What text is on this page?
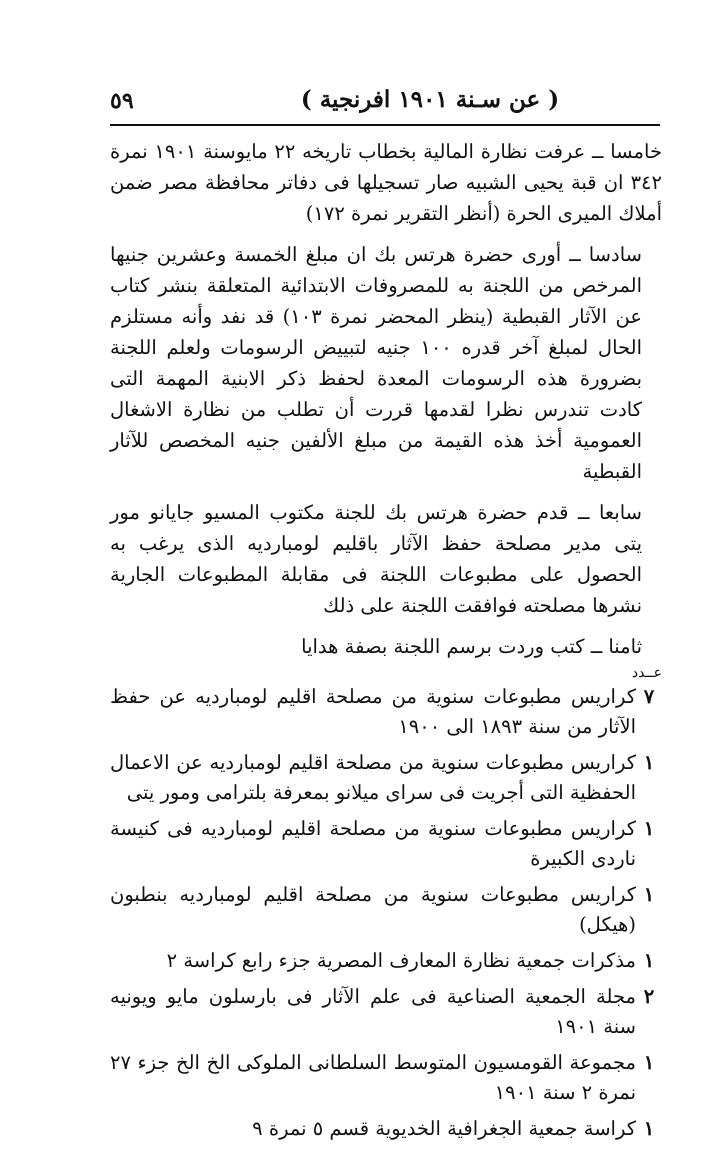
٥٩	( عن سـنة ١٩٠١ افرنجية )

خامسا ــ عرفت نظارة المالية بخطاب تاريخه ٢٢ مايوسنة ١٩٠١ نمرة ٣٤٢ ان قبة يحيى الشبيه صار تسجيلها فى دفاتر محافظة مصر ضمن أملاك الميرى الحرة (أنظر التقرير نمرة ١٧٢)

سادسا ــ أورى حضرة هرتس بك ان مبلغ الخمسة وعشرين جنيها المرخص من اللجنة به للمصروفات الابتدائية المتعلقة بنشر كتاب عن الآثار القبطية (ينظر المحضر نمرة ١٠٣) قد نفد وأنه مستلزم الحال لمبلغ آخر قدره ١٠٠ جنيه لتبييض الرسومات ولعلم اللجنة بضرورة هذه الرسومات المعدة لحفظ ذكر الابنية المهمة التى كادت تندرس نظرا لقدمها قررت أن تطلب من نظارة الاشغال العمومية أخذ هذه القيمة من مبلغ الألفين جنيه المخصص للآثار القبطية

سابعا ــ قدم حضرة هرتس بك للجنة مكتوب المسيو جايانو مور يتى مدير مصلحة حفظ الآثار باقليم لومبارديه الذى يرغب به الحصول على مطبوعات اللجنة فى مقابلة المطبوعات الجارية نشرها مصلحته فوافقت اللجنة على ذلك

ثامنا ــ كتب وردت برسم اللجنة بصفة هدايا

عــدد
٧
كراريس مطبوعات سنوية من مصلحة اقليم لومبارديه عن حفظ الآثار من سنة ١٨٩٣ الى ١٩٠٠
١
كراريس مطبوعات سنوية من مصلحة اقليم لومبارديه عن الاعمال الحفظية التى أجريت فى سراى ميلانو بمعرفة بلترامى ومور يتى
١
كراريس مطبوعات سنوية من مصلحة اقليم لومبارديه فى كنيسة ناردى الكبيرة
١
كراريس مطبوعات سنوية من مصلحة اقليم لومبارديه بنطبون (هيكل)
١
مذكرات جمعية نظارة المعارف المصرية جزء رابع كراسة ٢
٢
مجلة الجمعية الصناعية فى علم الآثار فى بارسلون مايو ويونيه سنة ١٩٠١
١
مجموعة القومسيون المتوسط السلطانى الملوكى الخ الخ جزء ٢٧ نمرة ٢ سنة ١٩٠١
١
كراسة جمعية الجغرافية الخديوية قسم ٥ نمرة ٩
